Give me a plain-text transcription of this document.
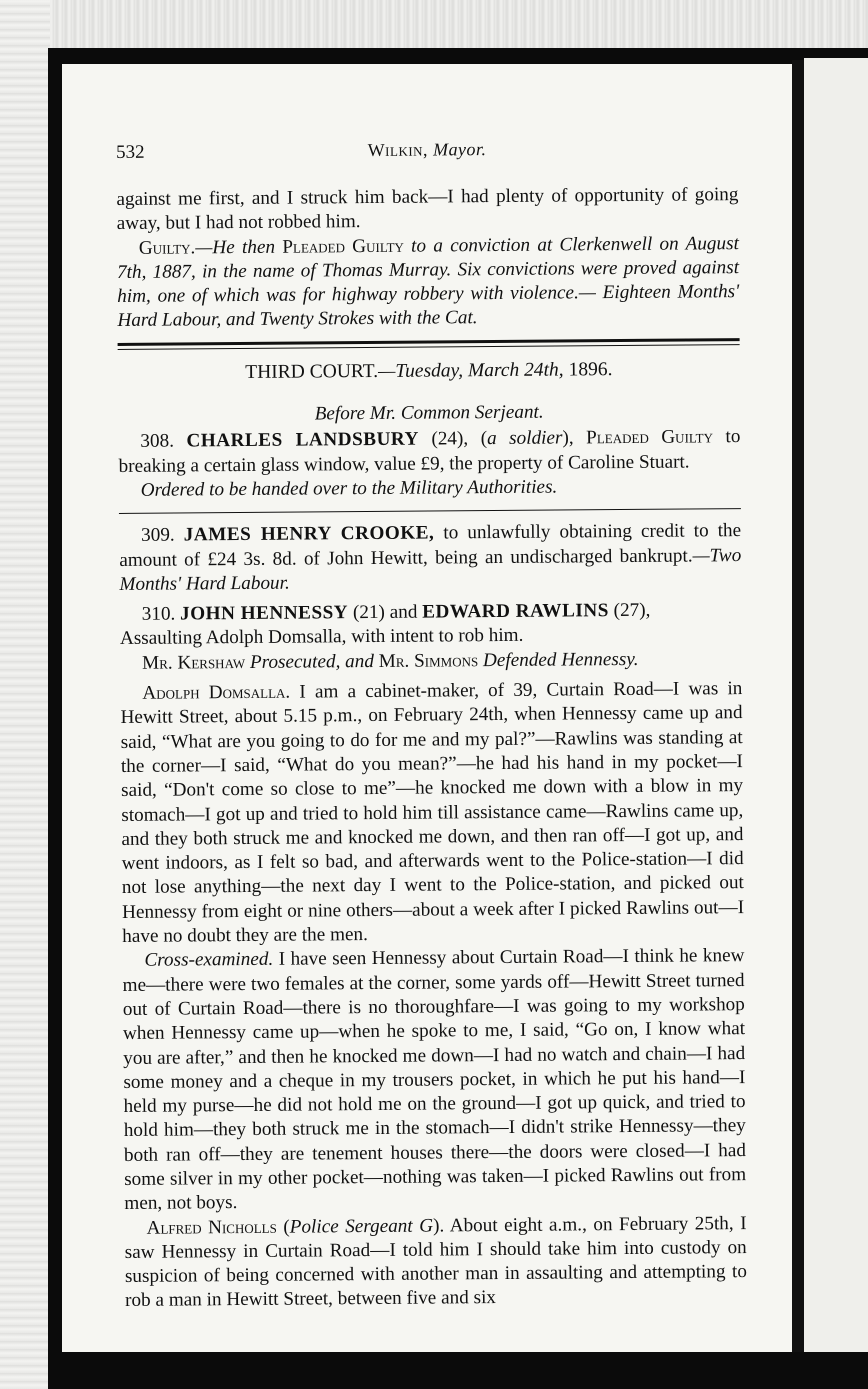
532	Wilkin, Mayor.

against me first, and I struck him back—I had plenty of opportunity of going away, but I had not robbed him.

Guilty.—He then Pleaded Guilty to a conviction at Clerkenwell on August 7th, 1887, in the name of Thomas Murray. Six convictions were proved against him, one of which was for highway robbery with violence.— Eighteen Months' Hard Labour, and Twenty Strokes with the Cat.

THIRD COURT.—Tuesday, March 24th, 1896.
Before Mr. Common Serjeant.

308. CHARLES LANDSBURY (24), (a soldier), Pleaded Guilty to breaking a certain glass window, value £9, the property of Caroline Stuart.

Ordered to be handed over to the Military Authorities.

309. JAMES HENRY CROOKE, to unlawfully obtaining credit to the amount of £24 3s. 8d. of John Hewitt, being an undischarged bankrupt.—Two Months' Hard Labour.

310. JOHN HENNESSY (21) and EDWARD RAWLINS (27),

Assaulting Adolph Domsalla, with intent to rob him.

Mr. Kershaw Prosecuted, and Mr. Simmons Defended Hennessy.

Adolph Domsalla. I am a cabinet-maker, of 39, Curtain Road—I was in Hewitt Street, about 5.15 p.m., on February 24th, when Hennessy came up and said, “What are you going to do for me and my pal?”—Rawlins was standing at the corner—I said, “What do you mean?”—he had his hand in my pocket—I said, “Don't come so close to me”—he knocked me down with a blow in my stomach—I got up and tried to hold him till assistance came—Rawlins came up, and they both struck me and knocked me down, and then ran off—I got up, and went indoors, as I felt so bad, and afterwards went to the Police-station—I did not lose anything—the next day I went to the Police-station, and picked out Hennessy from eight or nine others—about a week after I picked Rawlins out—I have no doubt they are the men.

Cross-examined. I have seen Hennessy about Curtain Road—I think he knew me—there were two females at the corner, some yards off—Hewitt Street turned out of Curtain Road—there is no thoroughfare—I was going to my workshop when Hennessy came up—when he spoke to me, I said, “Go on, I know what you are after,” and then he knocked me down—I had no watch and chain—I had some money and a cheque in my trousers pocket, in which he put his hand—I held my purse—he did not hold me on the ground—I got up quick, and tried to hold him—they both struck me in the stomach—I didn't strike Hennessy—they both ran off—they are tenement houses there—the doors were closed—I had some silver in my other pocket—nothing was taken—I picked Rawlins out from men, not boys.

Alfred Nicholls (Police Sergeant G). About eight a.m., on February 25th, I saw Hennessy in Curtain Road—I told him I should take him into custody on suspicion of being concerned with another man in assaulting and attempting to rob a man in Hewitt Street, between five and six
